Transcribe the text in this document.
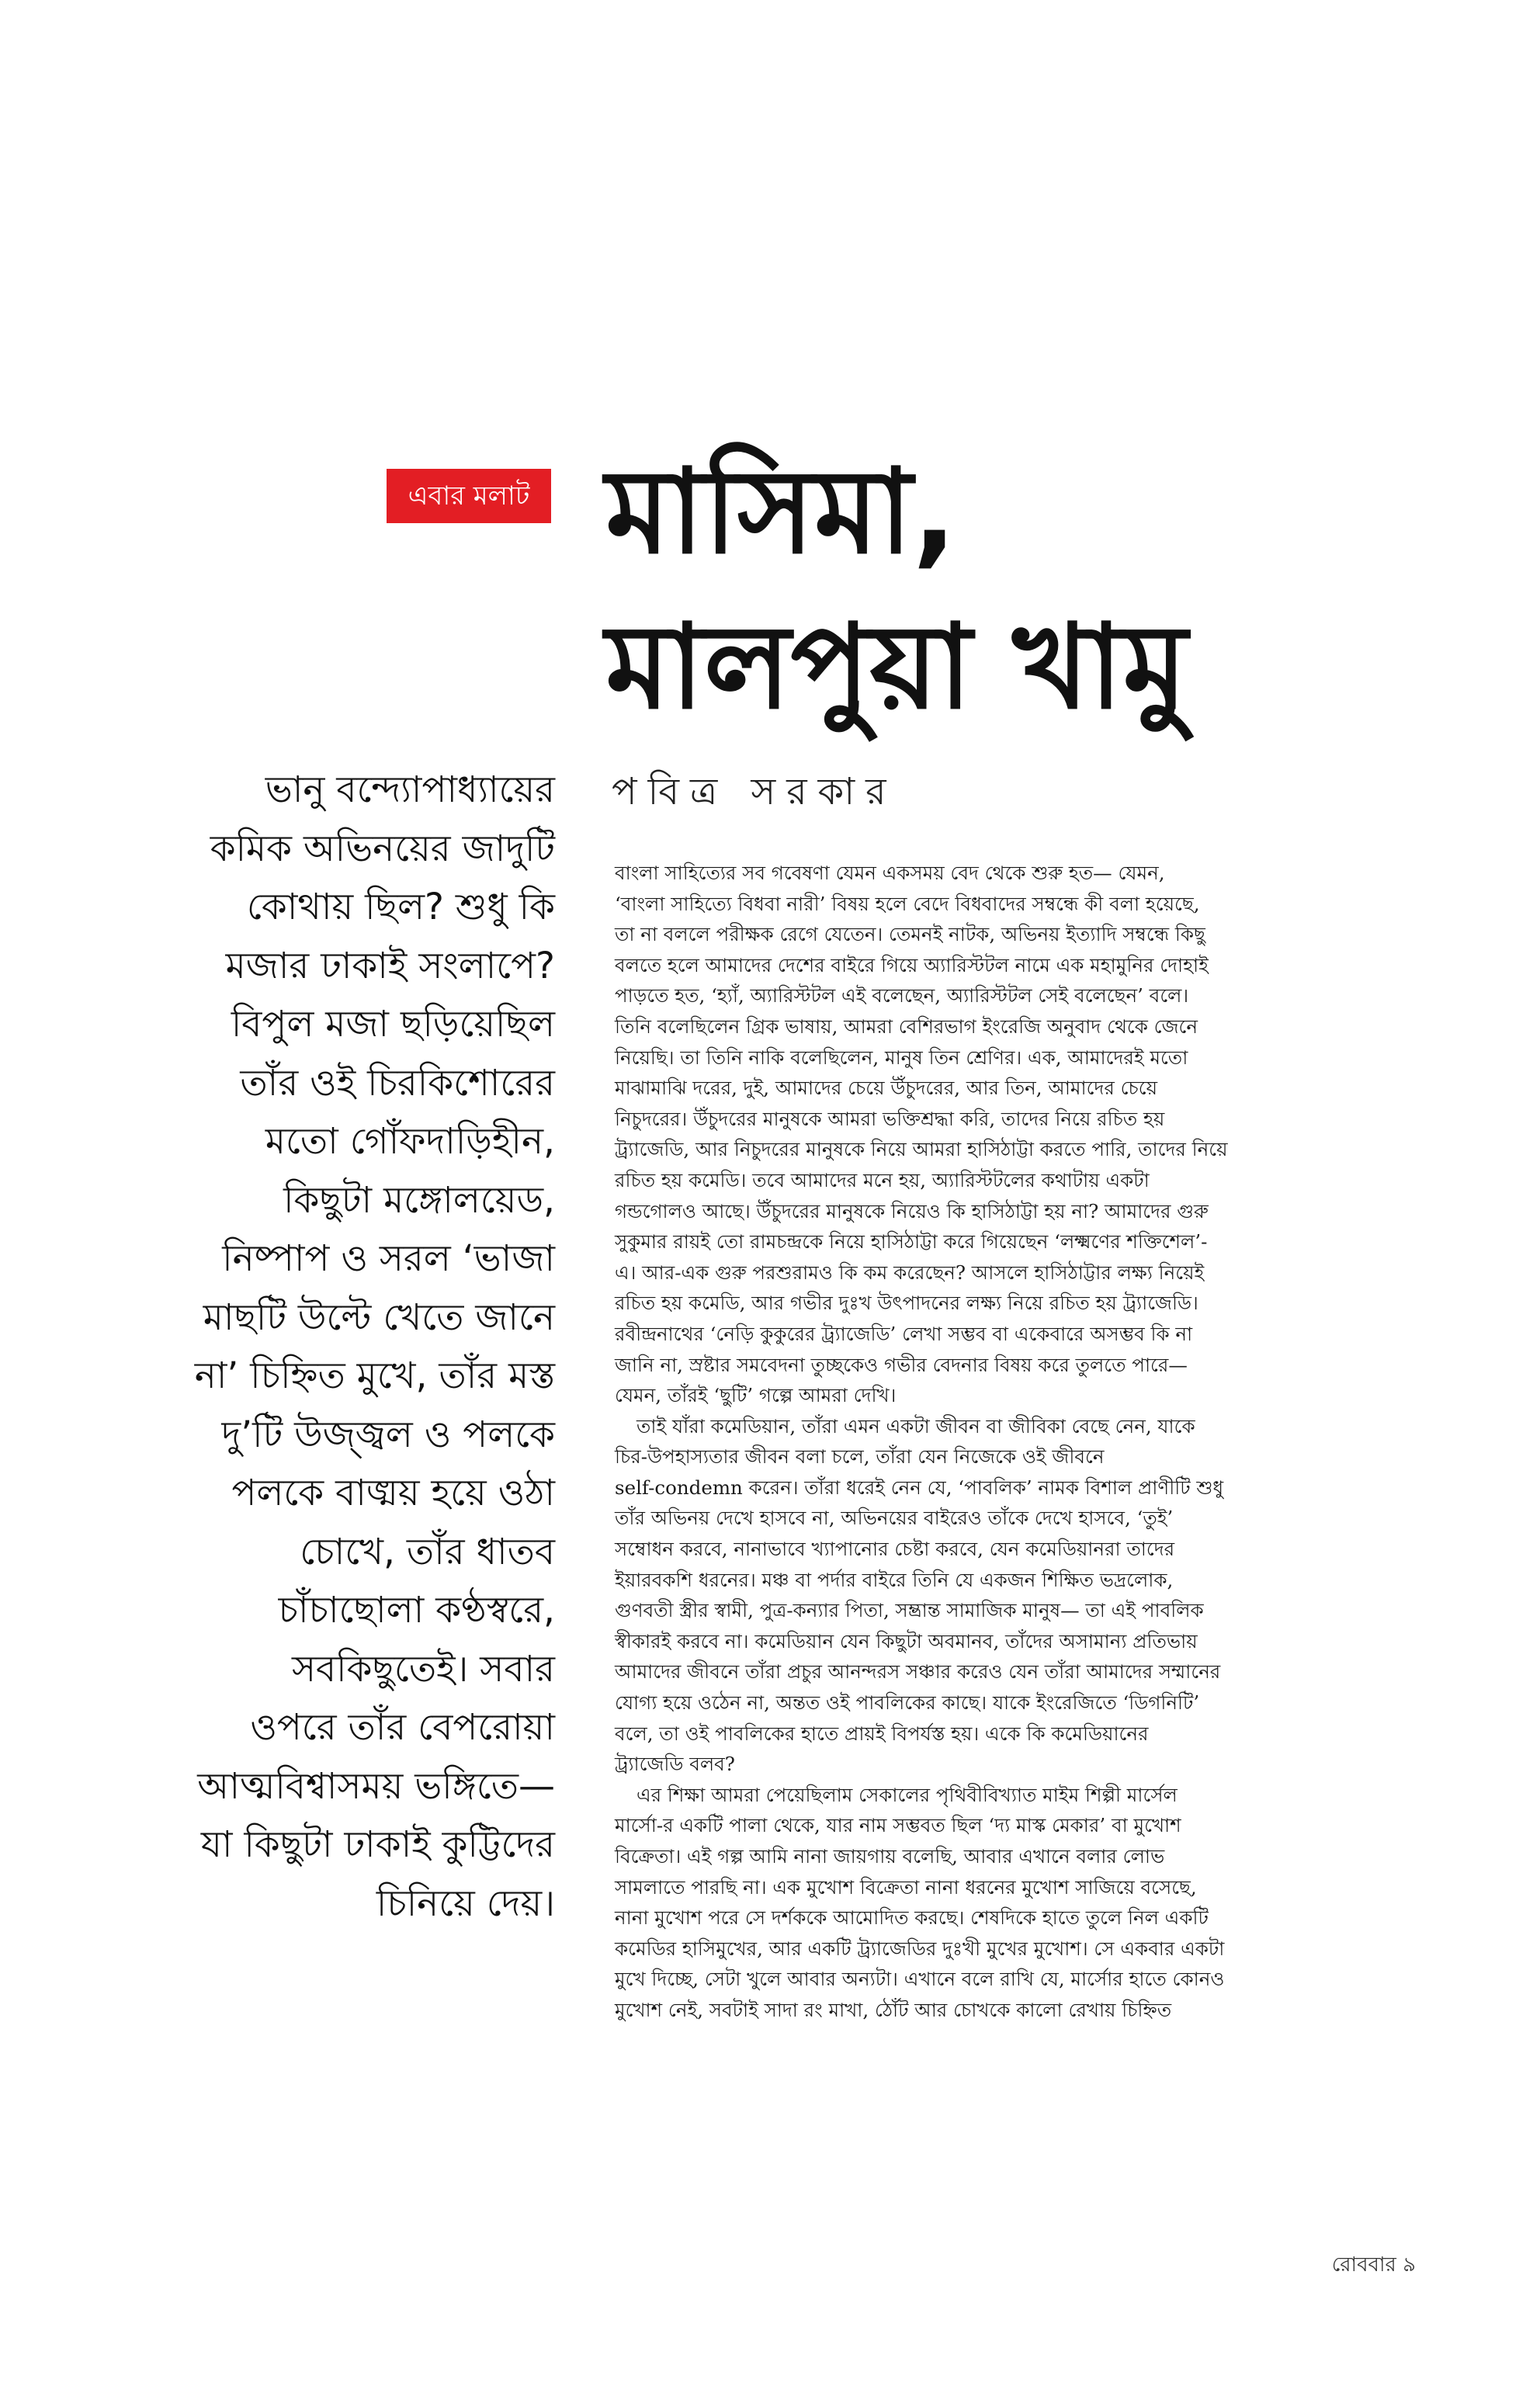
এবার মলাট মাসিমা,
মালপুয়া খামু
পবিত্র সরকার
ভানু বন্দ্যোপাধ্যায়ের
কমিক অভিনয়ের জাদুটি
কোথায় ছিল? শুধু কি
মজার ঢাকাই সংলাপে?
বিপুল মজা ছড়িয়েছিল
তাঁর ওই চিরকিশোরের
মতো গোঁফদাড়িহীন,
কিছুটা মঙ্গোলয়েড,
নিষ্পাপ ও সরল ‘ভাজা
মাছটি উল্টে খেতে জানে
না’ চিহ্নিত মুখে, তাঁর মস্ত
দু’টি উজ্জ্বল ও পলকে
পলকে বাঙ্ময় হয়ে ওঠা
চোখে, তাঁর ধাতব
চাঁচাছোলা কণ্ঠস্বরে,
সবকিছুতেই। সবার
ওপরে তাঁর বেপরোয়া
আত্মবিশ্বাসময় ভঙ্গিতে—
যা কিছুটা ঢাকাই কুট্টিদের
চিনিয়ে দেয়।
বাংলা সাহিত্যের সব গবেষণা যেমন একসময় বেদ থেকে শুরু হত— যেমন,
‘বাংলা সাহিত্যে বিধবা নারী’ বিষয় হলে বেদে বিধবাদের সম্বন্ধে কী বলা হয়েছে,
তা না বললে পরীক্ষক রেগে যেতেন। তেমনই নাটক, অভিনয় ইত্যাদি সম্বন্ধে কিছু
বলতে হলে আমাদের দেশের বাইরে গিয়ে অ্যারিস্টটল নামে এক মহামুনির দোহাই
পাড়তে হত, ‘হ্যাঁ, অ্যারিস্টটল এই বলেছেন, অ্যারিস্টটল সেই বলেছেন’ বলে।
তিনি বলেছিলেন গ্রিক ভাষায়, আমরা বেশিরভাগ ইংরেজি অনুবাদ থেকে জেনে
নিয়েছি। তা তিনি নাকি বলেছিলেন, মানুষ তিন শ্রেণির। এক, আমাদেরই মতো
মাঝামাঝি দরের, দুই, আমাদের চেয়ে উঁচুদরের, আর তিন, আমাদের চেয়ে
নিচুদরের। উঁচুদরের মানুষকে আমরা ভক্তিশ্রদ্ধা করি, তাদের নিয়ে রচিত হয়
ট্র্যাজেডি, আর নিচুদরের মানুষকে নিয়ে আমরা হাসিঠাট্টা করতে পারি, তাদের নিয়ে
রচিত হয় কমেডি। তবে আমাদের মনে হয়, অ্যারিস্টটলের কথাটায় একটা
গন্ডগোলও আছে। উঁচুদরের মানুষকে নিয়েও কি হাসিঠাট্টা হয় না? আমাদের গুরু
সুকুমার রায়ই তো রামচন্দ্রকে নিয়ে হাসিঠাট্টা করে গিয়েছেন ‘লক্ষ্মণের শক্তিশেল’-
এ। আর-এক গুরু পরশুরামও কি কম করেছেন? আসলে হাসিঠাট্টার লক্ষ্য নিয়েই
রচিত হয় কমেডি, আর গভীর দুঃখ উৎপাদনের লক্ষ্য নিয়ে রচিত হয় ট্র্যাজেডি।
রবীন্দ্রনাথের ‘নেড়ি কুকুরের ট্র্যাজেডি’ লেখা সম্ভব বা একেবারে অসম্ভব কি না
জানি না, স্রষ্টার সমবেদনা তুচ্ছকেও গভীর বেদনার বিষয় করে তুলতে পারে—
যেমন, তাঁরই ‘ছুটি’ গল্পে আমরা দেখি।
তাই যাঁরা কমেডিয়ান, তাঁরা এমন একটা জীবন বা জীবিকা বেছে নেন, যাকে
চির-উপহাস্যতার জীবন বলা চলে, তাঁরা যেন নিজেকে ওই জীবনে
self-condemn করেন। তাঁরা ধরেই নেন যে, ‘পাবলিক’ নামক বিশাল প্রাণীটি শুধু
তাঁর অভিনয় দেখে হাসবে না, অভিনয়ের বাইরেও তাঁকে দেখে হাসবে, ‘তুই’
সম্বোধন করবে, নানাভাবে খ্যাপানোর চেষ্টা করবে, যেন কমেডিয়ানরা তাদের
ইয়ারবকশি ধরনের। মঞ্চ বা পর্দার বাইরে তিনি যে একজন শিক্ষিত ভদ্রলোক,
গুণবতী স্ত্রীর স্বামী, পুত্র-কন্যার পিতা, সম্ভ্রান্ত সামাজিক মানুষ— তা এই পাবলিক
স্বীকারই করবে না। কমেডিয়ান যেন কিছুটা অবমানব, তাঁদের অসামান্য প্রতিভায়
আমাদের জীবনে তাঁরা প্রচুর আনন্দরস সঞ্চার করেও যেন তাঁরা আমাদের সম্মানের
যোগ্য হয়ে ওঠেন না, অন্তত ওই পাবলিকের কাছে। যাকে ইংরেজিতে ‘ডিগনিটি’
বলে, তা ওই পাবলিকের হাতে প্রায়ই বিপর্যস্ত হয়। একে কি কমেডিয়ানের
ট্র্যাজেডি বলব?
এর শিক্ষা আমরা পেয়েছিলাম সেকালের পৃথিবীবিখ্যাত মাইম শিল্পী মার্সেল
মার্সো-র একটি পালা থেকে, যার নাম সম্ভবত ছিল ‘দ্য মাস্ক মেকার’ বা মুখোশ
বিক্রেতা। এই গল্প আমি নানা জায়গায় বলেছি, আবার এখানে বলার লোভ
সামলাতে পারছি না। এক মুখোশ বিক্রেতা নানা ধরনের মুখোশ সাজিয়ে বসেছে,
নানা মুখোশ পরে সে দর্শককে আমোদিত করছে। শেষদিকে হাতে তুলে নিল একটি
কমেডির হাসিমুখের, আর একটি ট্র্যাজেডির দুঃখী মুখের মুখোশ। সে একবার একটা
মুখে দিচ্ছে, সেটা খুলে আবার অন্যটা। এখানে বলে রাখি যে, মার্সোর হাতে কোনও
মুখোশ নেই, সবটাই সাদা রং মাখা, ঠোঁট আর চোখকে কালো রেখায় চিহ্নিত
রোববার ৯
